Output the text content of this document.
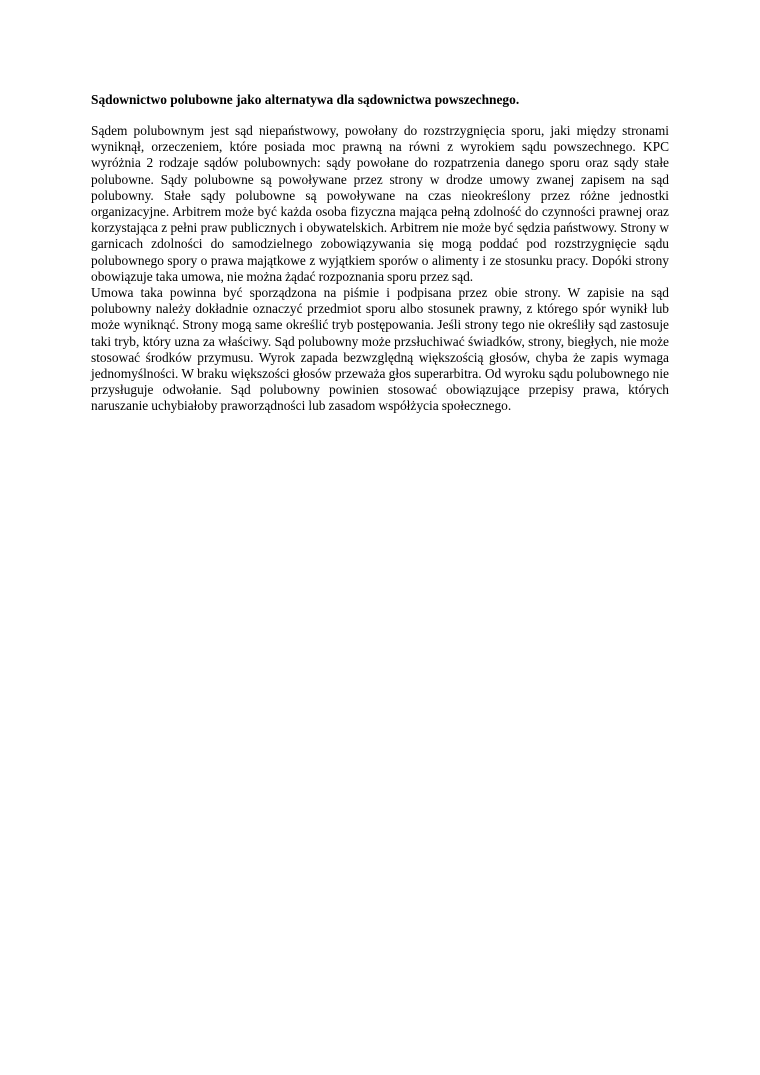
Sądownictwo polubowne jako alternatywa dla sądownictwa powszechnego.

Sądem polubownym jest sąd niepaństwowy, powołany do rozstrzygnięcia sporu, jaki między stronami wyniknął, orzeczeniem, które posiada moc prawną na równi z wyrokiem sądu powszechnego. KPC wyróżnia 2 rodzaje sądów polubownych: sądy powołane do rozpatrzenia danego sporu oraz sądy stałe polubowne. Sądy polubowne są powoływane przez strony w drodze umowy zwanej zapisem na sąd polubowny. Stałe sądy polubowne są powoływane na czas nieokreślony przez różne jednostki organizacyjne. Arbitrem może być każda osoba fizyczna mająca pełną zdolność do czynności prawnej oraz korzystająca z pełni praw publicznych i obywatelskich. Arbitrem nie może być sędzia państwowy. Strony w garnicach zdolności do samodzielnego zobowiązywania się mogą poddać pod rozstrzygnięcie sądu polubownego spory o prawa majątkowe z wyjątkiem sporów o alimenty i ze stosunku pracy. Dopóki strony obowiązuje taka umowa, nie można żądać rozpoznania sporu przez sąd.

Umowa taka powinna być sporządzona na piśmie i podpisana przez obie strony. W zapisie na sąd polubowny należy dokładnie oznaczyć przedmiot sporu albo stosunek prawny, z którego spór wynikł lub może wyniknąć. Strony mogą same określić tryb postępowania. Jeśli strony tego nie określiły sąd zastosuje taki tryb, który uzna za właściwy. Sąd polubowny może przsłuchiwać świadków, strony, biegłych, nie może stosować środków przymusu. Wyrok zapada bezwzględną większością głosów, chyba że zapis wymaga jednomyślności. W braku większości głosów przeważa głos superarbitra. Od wyroku sądu polubownego nie przysługuje odwołanie. Sąd polubowny powinien stosować obowiązujące przepisy prawa, których naruszanie uchybiałoby praworządności lub zasadom współżycia społecznego.
